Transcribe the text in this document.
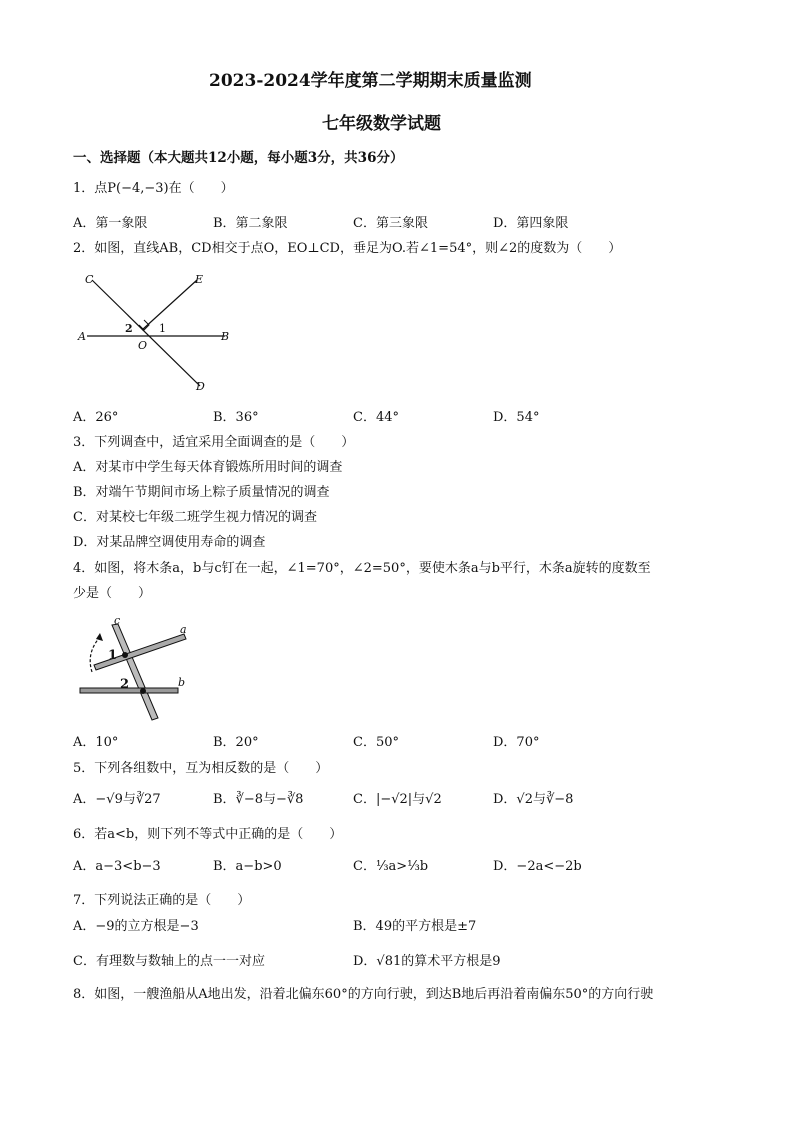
2023-2024学年度第二学期期末质量监测
七年级数学试题
一、选择题（本大题共12小题，每小题3分，共36分）
1．点P(−4,−3)在（　　）
A．第一象限	B．第二象限	C．第三象限	D．第四象限
2．如图，直线AB，CD相交于点O，EO⊥CD，垂足为O.若∠1=54°，则∠2的度数为（　　）
C	E
A
2 1
O
B
D
A．26°	B．36°	C．44°	D．54°
3．下列调查中，适宜采用全面调查的是（　　）
A．对某市中学生每天体育锻炼所用时间的调查
B．对端午节期间市场上粽子质量情况的调查
C．对某校七年级二班学生视力情况的调查
D．对某品牌空调使用寿命的调查
4．如图，将木条a，b与c钉在一起，∠1=70°，∠2=50°，要使木条a与b平行，木条a旋转的度数至
少是（　　）
c
a
1
2	b
A．10°	B．20°	C．50°	D．70°
5．下列各组数中，互为相反数的是（　　）
A．−√9与∛27	B．∛−8与−∛8	C．|−√2|与√2	D．√2与∛−8
6．若a<b，则下列不等式中正确的是（　　）
A．a−3<b−3	B．a−b>0	C．⅓a>⅓b	D．−2a<−2b
7．下列说法正确的是（　　）
A．−9的立方根是−3	B．49的平方根是±7
C．有理数与数轴上的点一一对应	D．√81的算术平方根是9
8．如图，一艘渔船从A地出发，沿着北偏东60°的方向行驶，到达B地后再沿着南偏东50°的方向行驶
